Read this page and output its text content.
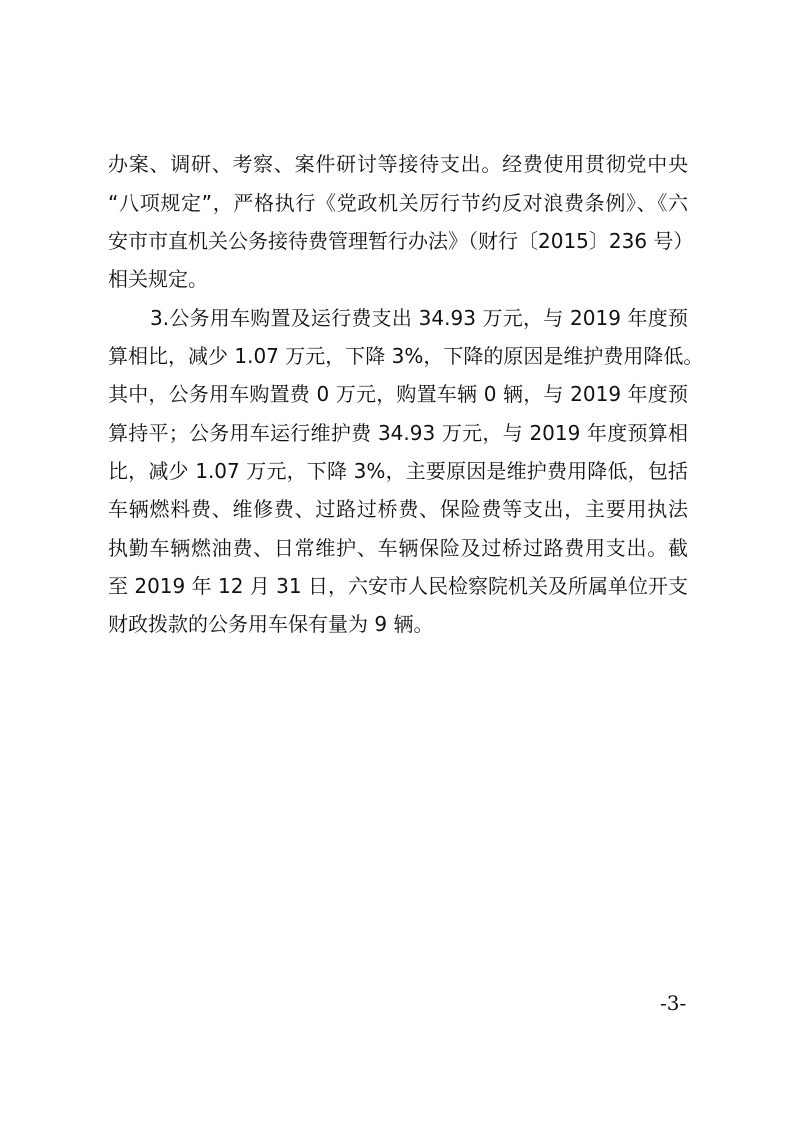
办案、调研、考察、案件研讨等接待支出。经费使用贯彻党中央
“八项规定”，严格执行《党政机关厉行节约反对浪费条例》、《六
安市市直机关公务接待费管理暂行办法》（财行〔2015〕236 号）
相关规定。
3.公务用车购置及运行费支出 34.93 万元，与 2019 年度预
算相比，减少 1.07 万元，下降 3%，下降的原因是维护费用降低。
其中，公务用车购置费 0 万元，购置车辆 0 辆，与 2019 年度预
算持平；公务用车运行维护费 34.93 万元，与 2019 年度预算相
比，减少 1.07 万元，下降 3%，主要原因是维护费用降低，包括
车辆燃料费、维修费、过路过桥费、保险费等支出，主要用执法
执勤车辆燃油费、日常维护、车辆保险及过桥过路费用支出。截
至 2019 年 12 月 31 日，六安市人民检察院机关及所属单位开支
财政拨款的公务用车保有量为 9 辆。
-3-
